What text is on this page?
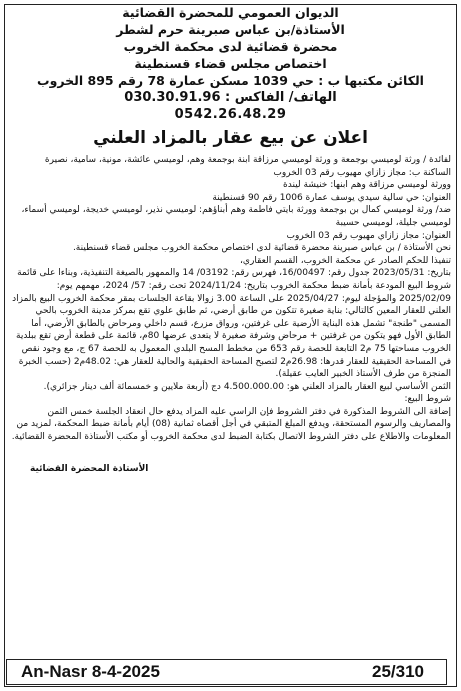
الديوان العمومي للمحضرة القضائية
الأستاذة/بن عباس صبرينة حرم لشطر
محضرة قضائية لدى محكمة الخروب
اختصاص مجلس قضاء قسنطينة
الكائن مكتبها ب : حي 1039 مسكن عمارة 78 رقم 895 الخروب
الهاتف/ الفاكس : 030.30.91.96
0542.26.48.29
اعلان عن بيع عقار بالمزاد العلني

لفائدة / ورثة لوميسي بوجمعة و ورثة لوميسي مرزاقة ابنة بوجمعة وهم، لوميسي عائشة، مونية، سامية، نصيرة

الساكنة ب: مجاز زازاي مهيوب رقم 03 الخروب

وورثة لوميسي مرزاقة وهم ابنها: خنيشة ليندة

العنوان: حي سالية سيدي يوسف عمارة 1006 رقم 90 قسنطينة

ضد/ ورثة لوميسي كمال بن بوجمعة وورثة بايتي فاطمة وهم أبناؤهم: لوميسي نذير، لوميسي خديجة، لوميسي أسماء، لوميسي جليلة، لوميسي حسيبة

العنوان: مجاز زازاي مهيوب رقم 03 الخروب

نحن الأستاذة / بن عباس صبرينة محضرة قضائية لدى اختصاص محكمة الخروب مجلس قضاء قسنطينة.

تنفيذا للحكم الصادر عن محكمة الخروب، القسم العقاري،

بتاريخ: 2023/05/31 جدول رقم: 16/00497، فهرس رقم: 03192/ 14 والممهور بالصيغة التنفيذية، وبناءا على قائمة شروط البيع المودعة بأمانة ضبط محكمة الخروب بتاريخ: 2024/11/24 تحت رقم: 57/ 2024، مهمهم يوم: 2025/02/09 والمؤجلة ليوم: 2025/04/27 على الساعة 3.00 زوالا بقاعة الجلسات بمقر محكمة الخروب البيع بالمزاد العلني للعقار المعين كالتالي: بناية صغيرة تتكون من طابق أرضي، ثم طابق علوي تقع بمركز مدينة الخروب بالحي المسمى "طنجة" تشمل هذه البناية الأرضية على غرفتين، ورواق مزرع، قسم داخلي ومرحاض بالطابق الأرضي، أما الطابق الأول فهو يتكون من غرفتين + مرحاض وشرفة صغيرة لا يتعدى عرضها 80م، قائمة على قطعة أرض تقع ببلدية الخروب مساحتها 75 م2 التابعة للحصة رقم 653 من مخطط المسح البلدي المعمول به للحصة 67 ج، مع وجود نقص في المساحة الحقيقية للعقار قدرها: 26.98م2 لتصبح المساحة الحقيقية والحالية للعقار هي: 48.02م2 (حسب الخبرة المنجزة من طرف الأستاذ الخبير العايب عقيلة).

الثمن الأساسي لبيع العقار بالمزاد العلني هو: 4.500.000.00 دج (أربعة ملايين و خمسمائة ألف دينار جزائري).

شروط البيع:

إضافة الى الشروط المذكورة في دفتر الشروط فإن الراسي عليه المزاد يدفع حال انعقاد الجلسة خمس الثمن والمصاريف والرسوم المستحقة، ويدفع المبلغ المتبقي في أجل أقصاه ثمانية (08) أيام بأمانة ضبط المحكمة، لمزيد من المعلومات والاطلاع على دفتر الشروط الاتصال بكتابة الضبط لدى محكمة الخروب أو مكتب الأستاذة المحضرة القضائية.

الأستاذة المحضرة القضائية
An-Nasr 8-4-2025	25/310
